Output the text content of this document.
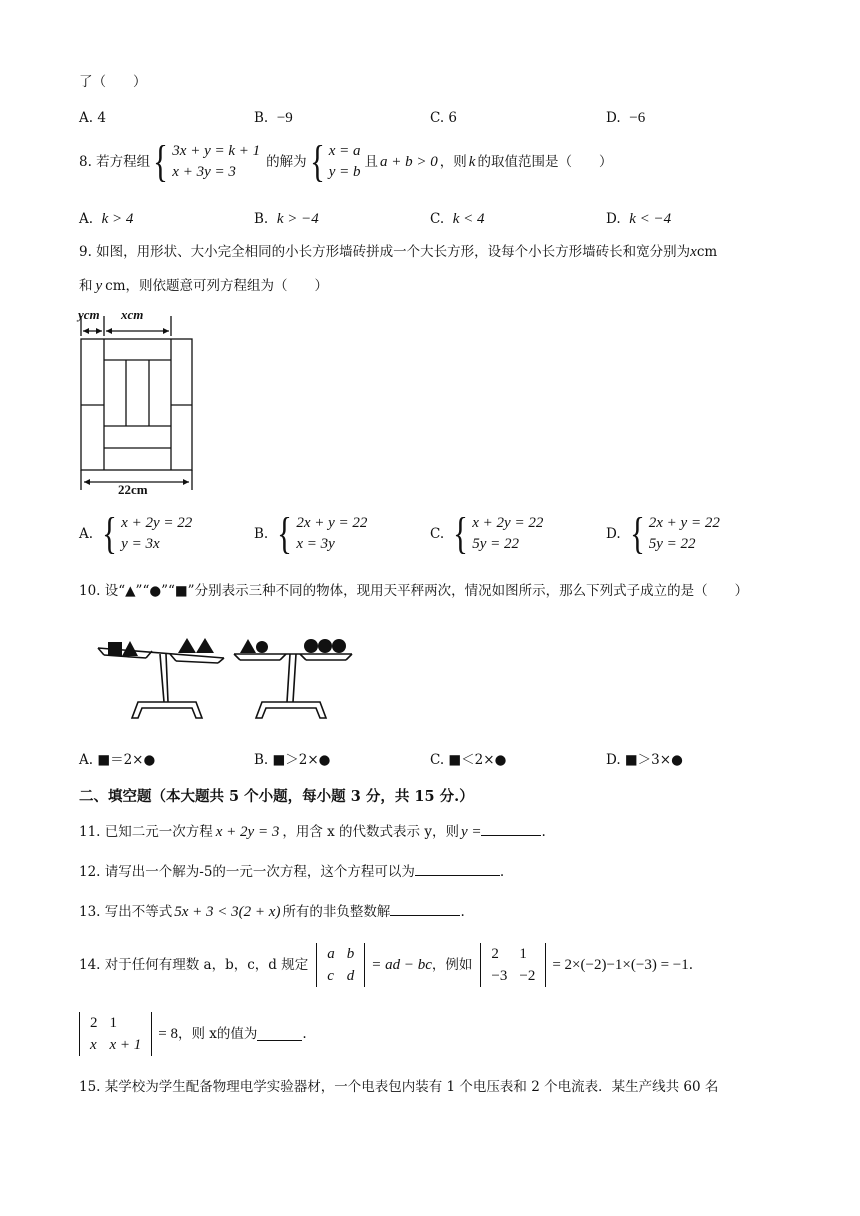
了（　　）
A. 4	B. −9	C. 6	D. −6
8. 若方程组 { 3x + y = k + 1
x + 3y = 3
的解为 { x = a
y = b
且 a + b > 0 ，则 k 的取值范围是（　　）
A. k > 4	B. k > −4	C. k < 4	D. k < −4
9. 如图，用形状、大小完全相同的小长方形墙砖拼成一个大长方形，设每个小长方形墙砖长和宽分别为xcm
和 y cm，则依题意可列方程组为（　　）
ycm xcm
22cm
A. { x + 2y = 22
y = 3x
B. { 2x + y = 22
x = 3y
C. { x + 2y = 22
5y = 22
D. { 2x + y = 22
5y = 22
10. 设“▲”“●”“■”分别表示三种不同的物体，现用天平秤两次，情况如图所示，那么下列式子成立的是（　　）
A. ■＝2×●	B. ■＞2×●	C. ■＜2×●	D. ■＞3×●
二、填空题（本大题共 5 个小题，每小题 3 分，共 15 分.）
11. 已知二元一次方程 x + 2y = 3 ，用含 x 的代数式表示 y，则 y =	.
12. 请写出一个解为-5的一元一次方程，这个方程可以为	.
13. 写出不等式 5x + 3 < 3(2 + x) 所有的非负整数解	.
14. 对于任何有理数 a，b，c，d 规定
a	b
c	d
= ad − bc ，例如
2	1
−3	−2
= 2×(−2)−1×(−3) = −1 .
2	1
x	x + 1
= 8 ，则 x的值为	.
15. 某学校为学生配备物理电学实验器材，一个电表包内装有 1 个电压表和 2 个电流表．某生产线共 60 名
